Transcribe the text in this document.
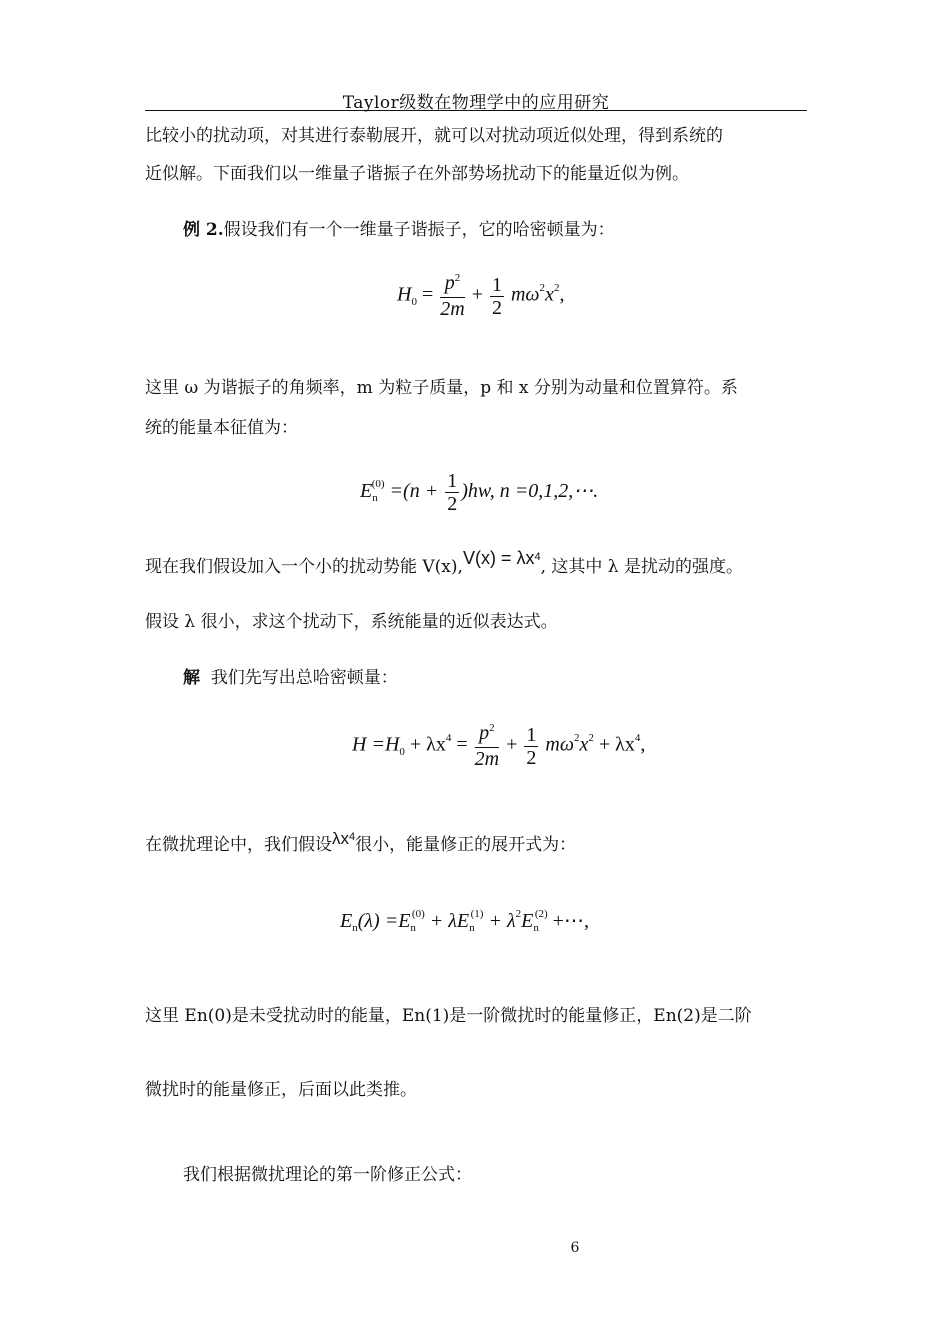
Taylor级数在物理学中的应用研究
比较小的扰动项，对其进行泰勒展开，就可以对扰动项近似处理，得到系统的
近似解。下面我们以一维量子谐振子在外部势场扰动下的能量近似为例。
例 2.假设我们有一个一维量子谐振子，它的哈密顿量为：
$H_0 = \frac{p^2}{2m} + \frac{1}{2} m\omega^2x^2$,
这里 ω 为谐振子的角频率，m 为粒子质量，p 和 x 分别为动量和位置算符。系
统的能量本征值为：
$E_n^{(0)} =(n + \frac{1}{2} )hw$, n =0,1,2,⋯.
现在我们假设加入一个小的扰动势能 $V(x),V(x) = \lambda x^4$, 这其中 λ 是扰动的强度。
假设 λ 很小，求这个扰动下，系统能量的近似表达式。
解 我们先写出总哈密顿量：
$H =H_0 + \lambda x^4 = \frac{p^2}{2m} + \frac{1}{2} m\omega^2x^2 + \lambda x^4$,
在微扰理论中，我们假设$\lambda x^4$很小，能量修正的展开式为：
$E_n(\lambda) =E_n^{(0)} + \lambda E_n^{(1)} + \lambda^2E_n^{(2)}$ +⋯,
这里 En(0)是未受扰动时的能量，En(1)是一阶微扰时的能量修正，En(2)是二阶
微扰时的能量修正，后面以此类推。
我们根据微扰理论的第一阶修正公式：
6
